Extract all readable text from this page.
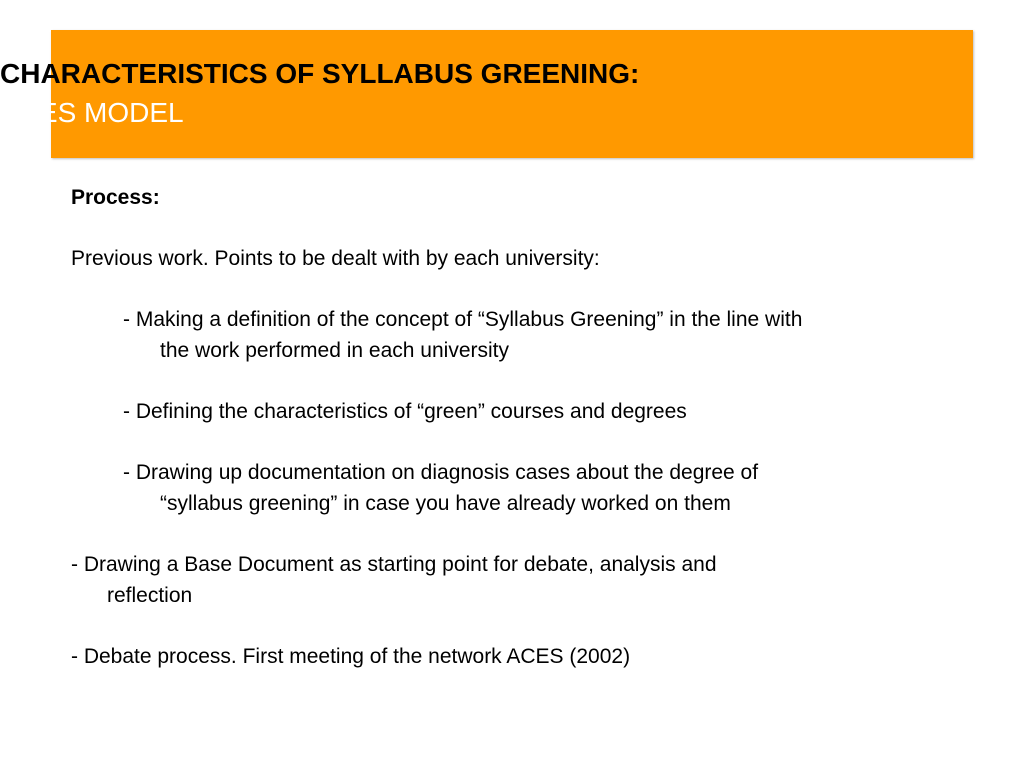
CHARACTERISTICS OF SYLLABUS GREENING:
ACES MODEL
Process:
Previous work. Points to be dealt with by each university:
- Making a definition of the concept of “Syllabus Greening” in the line with
the work performed in each university
- Defining the characteristics of “green” courses and degrees
- Drawing up documentation on diagnosis cases about the degree of
“syllabus greening” in case you have already worked on them
- Drawing a Base Document as starting point for debate, analysis and
reflection
- Debate process. First meeting of the network ACES (2002)
